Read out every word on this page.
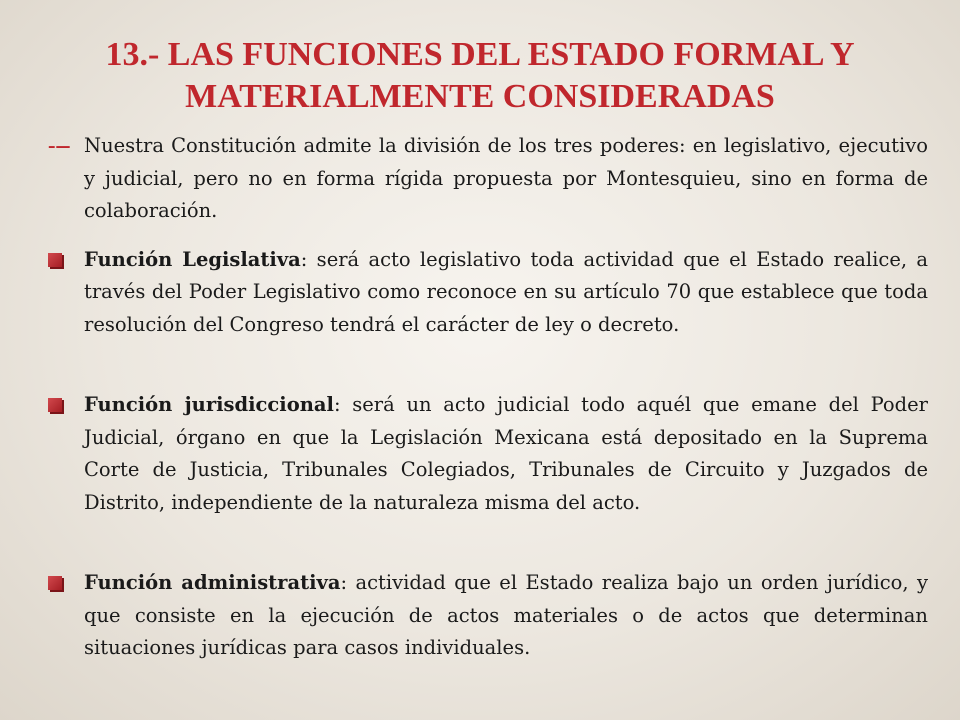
13.- LAS FUNCIONES DEL ESTADO FORMAL Y
MATERIALMENTE CONSIDERADAS
–— Nuestra Constitución admite la división de los tres poderes: en legislativo, ejecutivo y judicial, pero no en forma rígida propuesta por Montesquieu, sino en forma de colaboración.
Función Legislativa: será acto legislativo toda actividad que el Estado realice, a través del Poder Legislativo como reconoce en su artículo 70 que establece que toda resolución del Congreso tendrá el carácter de ley o decreto.
Función jurisdiccional: será un acto judicial todo aquél que emane del Poder Judicial, órgano en que la Legislación Mexicana está depositado en la Suprema Corte de Justicia, Tribunales Colegiados, Tribunales de Circuito y Juzgados de Distrito, independiente de la naturaleza misma del acto.
Función administrativa: actividad que el Estado realiza bajo un orden jurídico, y que consiste en la ejecución de actos materiales o de actos que determinan situaciones jurídicas para casos individuales.
